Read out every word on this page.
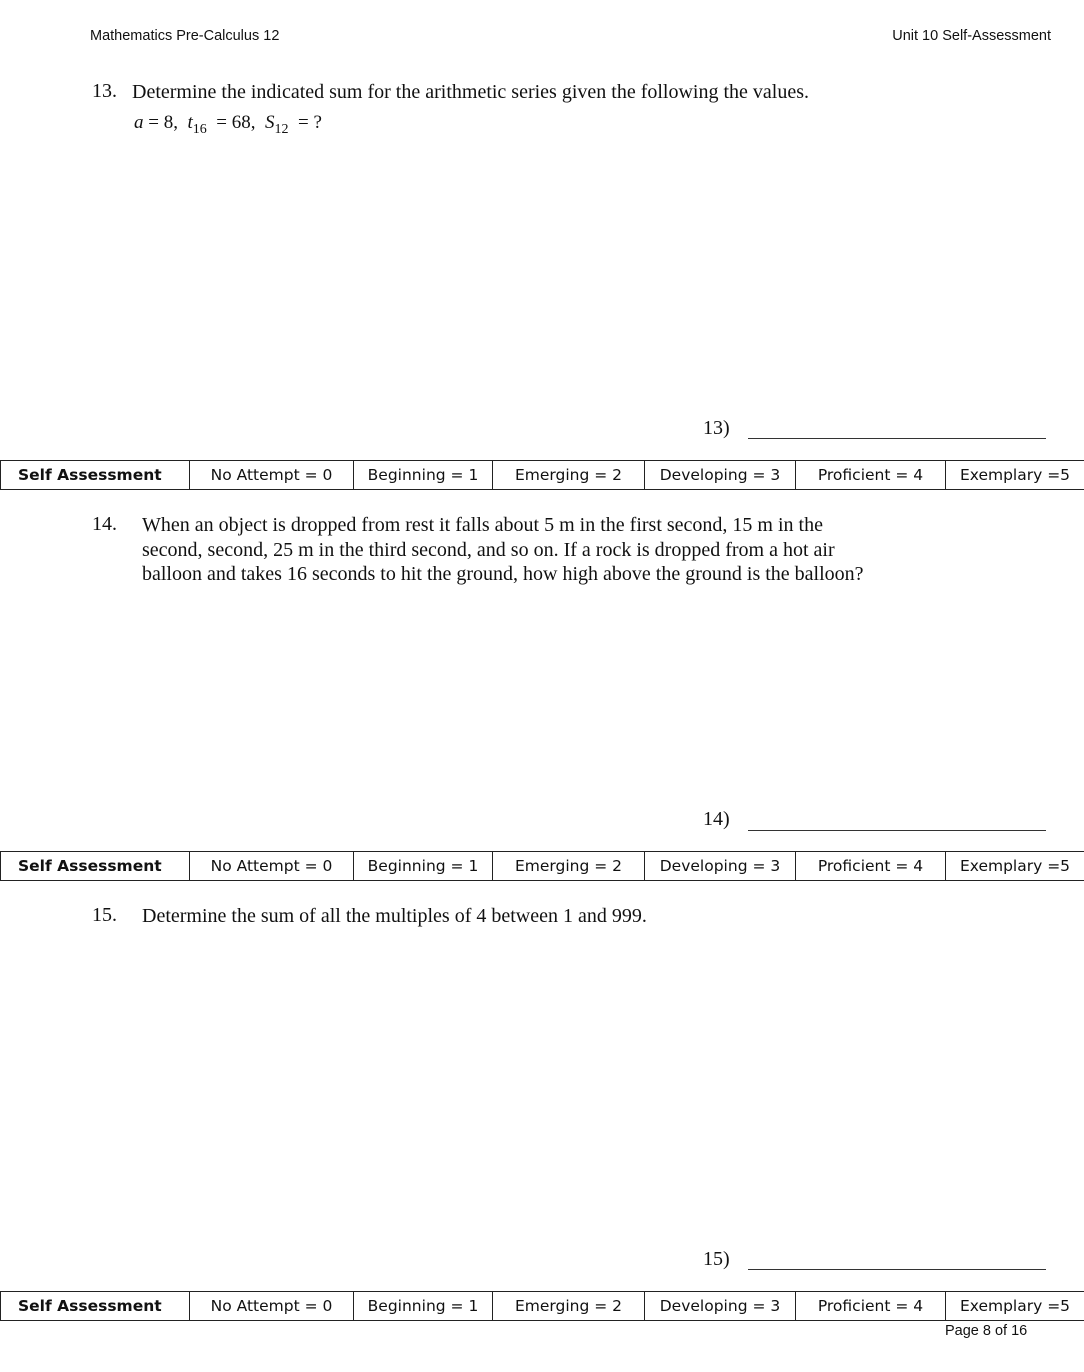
Mathematics Pre-Calculus 12	Unit 10 Self-Assessment
13. Determine the indicated sum for the arithmetic series given the following the values.
a = 8, $t_{16} = 68$, $S_{12}$ = ?
13)
Self Assessment	No Attempt = 0	Beginning = 1	Emerging = 2	Developing = 3	Proficient = 4	Exemplary =5
14. When an object is dropped from rest it falls about 5 m in the first second, 15 m in the
second, second, 25 m in the third second, and so on. If a rock is dropped from a hot air
balloon and takes 16 seconds to hit the ground, how high above the ground is the balloon?
14)
Self Assessment	No Attempt = 0	Beginning = 1	Emerging = 2	Developing = 3	Proficient = 4	Exemplary =5
15. Determine the sum of all the multiples of 4 between 1 and 999.
15)
Self Assessment	No Attempt = 0	Beginning = 1	Emerging = 2	Developing = 3	Proficient = 4	Exemplary =5
Page 8 of 16
